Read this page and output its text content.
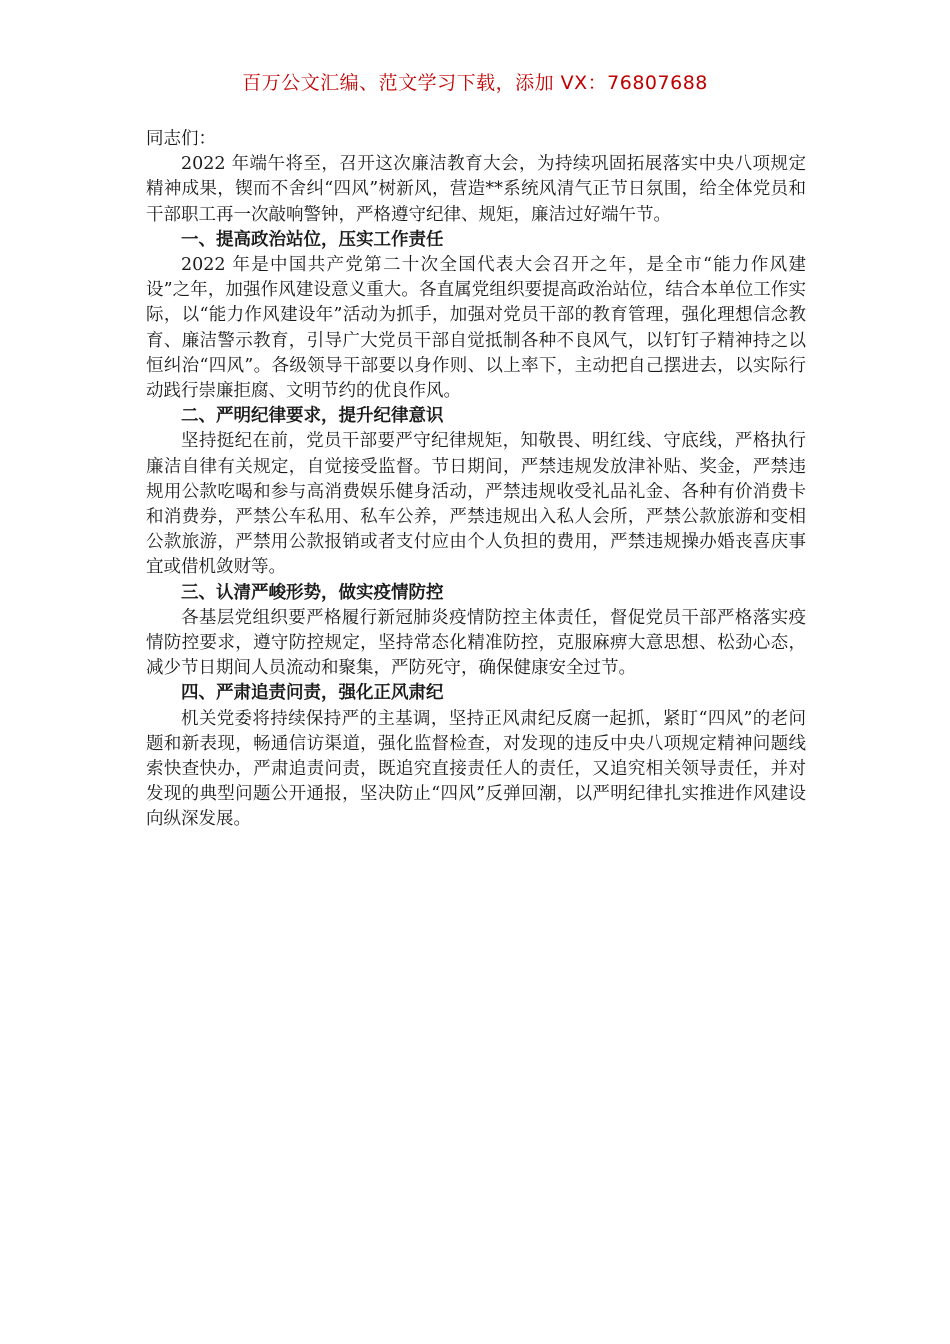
百万公文汇编、范文学习下载，添加 VX：76807688

同志们：

2022 年端午将至，召开这次廉洁教育大会，为持续巩固拓展落实中央八项规定精神成果，锲而不舍纠“四风”树新风，营造**系统风清气正节日氛围，给全体党员和干部职工再一次敲响警钟，严格遵守纪律、规矩，廉洁过好端午节。

一、提高政治站位，压实工作责任

2022 年是中国共产党第二十次全国代表大会召开之年，是全市“能力作风建设”之年，加强作风建设意义重大。各直属党组织要提高政治站位，结合本单位工作实际，以“能力作风建设年”活动为抓手，加强对党员干部的教育管理，强化理想信念教育、廉洁警示教育，引导广大党员干部自觉抵制各种不良风气，以钉钉子精神持之以恒纠治“四风”。各级领导干部要以身作则、以上率下，主动把自己摆进去，以实际行动践行崇廉拒腐、文明节约的优良作风。

二、严明纪律要求，提升纪律意识

坚持挺纪在前，党员干部要严守纪律规矩，知敬畏、明红线、守底线，严格执行廉洁自律有关规定，自觉接受监督。节日期间，严禁违规发放津补贴、奖金，严禁违规用公款吃喝和参与高消费娱乐健身活动，严禁违规收受礼品礼金、各种有价消费卡和消费券，严禁公车私用、私车公养，严禁违规出入私人会所，严禁公款旅游和变相公款旅游，严禁用公款报销或者支付应由个人负担的费用，严禁违规操办婚丧喜庆事宜或借机敛财等。

三、认清严峻形势，做实疫情防控

各基层党组织要严格履行新冠肺炎疫情防控主体责任，督促党员干部严格落实疫情防控要求，遵守防控规定，坚持常态化精准防控，克服麻痹大意思想、松劲心态，减少节日期间人员流动和聚集，严防死守，确保健康安全过节。

四、严肃追责问责，强化正风肃纪

机关党委将持续保持严的主基调，坚持正风肃纪反腐一起抓，紧盯“四风”的老问题和新表现，畅通信访渠道，强化监督检查，对发现的违反中央八项规定精神问题线索快查快办，严肃追责问责，既追究直接责任人的责任，又追究相关领导责任，并对发现的典型问题公开通报，坚决防止“四风”反弹回潮，以严明纪律扎实推进作风建设向纵深发展。
